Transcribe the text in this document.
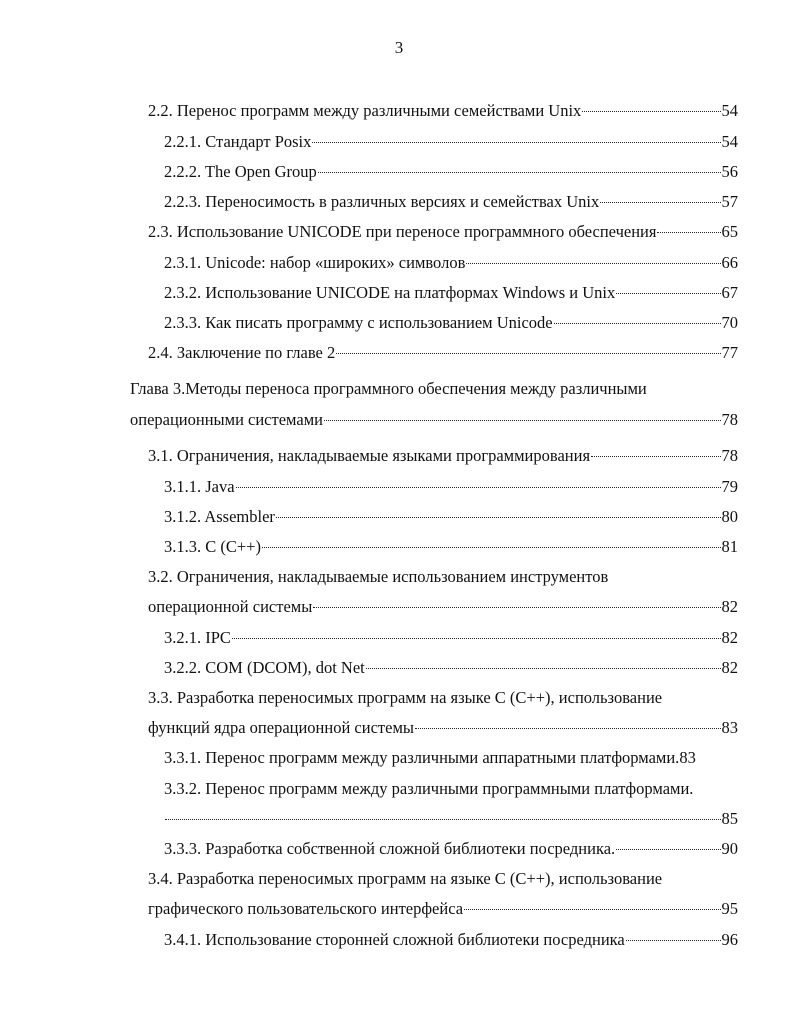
3
2.2. Перенос программ между различными семействами Unix	54
2.2.1. Стандарт Posix	54
2.2.2. The Open Group	56
2.2.3. Переносимость в различных версиях и семействах Unix	57
2.3. Использование UNICODE при переносе программного обеспечения	65
2.3.1. Unicode: набор «широких» символов	66
2.3.2. Использование UNICODE на платформах Windows и Unix	67
2.3.3. Как писать программу с использованием Unicode	70
2.4. Заключение по главе 2	77
Глава 3.Методы переноса программного обеспечения между различными
операционными системами	78
3.1. Ограничения, накладываемые языками программирования	78
3.1.1. Java	79
3.1.2. Assembler	80
3.1.3. C (C++)	81
3.2. Ограничения, накладываемые использованием инструментов
операционной системы	82
3.2.1. IPC	82
3.2.2. COM (DCOM), dot Net	82
3.3. Разработка переносимых программ на языке C (C++), использование
функций ядра операционной системы	83
3.3.1. Перенос программ между различными аппаратными платформами. 83
3.3.2. Перенос программ между различными программными платформами.
85
3.3.3. Разработка собственной сложной библиотеки посредника.	90
3.4. Разработка переносимых программ на языке C (C++), использование
графического пользовательского интерфейса	95
3.4.1. Использование сторонней сложной библиотеки посредника	96
